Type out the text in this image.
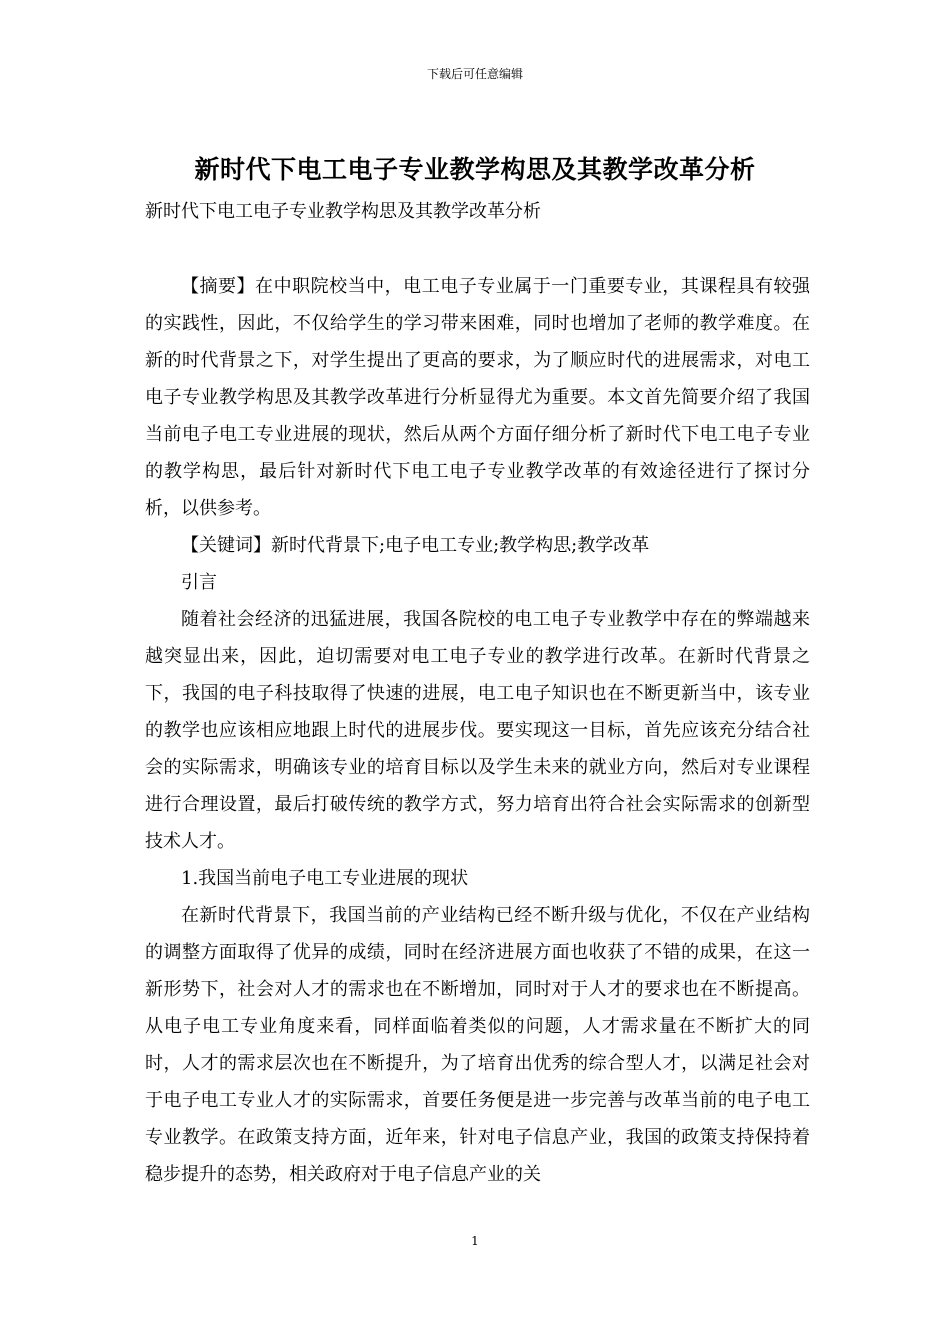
下载后可任意编辑
新时代下电工电子专业教学构思及其教学改革分析
新时代下电工电子专业教学构思及其教学改革分析

【摘要】在中职院校当中，电工电子专业属于一门重要专业，其课程具有较强的实践性，因此，不仅给学生的学习带来困难，同时也增加了老师的教学难度。在新的时代背景之下，对学生提出了更高的要求，为了顺应时代的进展需求，对电工电子专业教学构思及其教学改革进行分析显得尤为重要。本文首先简要介绍了我国当前电子电工专业进展的现状，然后从两个方面仔细分析了新时代下电工电子专业的教学构思，最后针对新时代下电工电子专业教学改革的有效途径进行了探讨分析，以供参考。

【关键词】新时代背景下;电子电工专业;教学构思;教学改革

引言

随着社会经济的迅猛进展，我国各院校的电工电子专业教学中存在的弊端越来越突显出来，因此，迫切需要对电工电子专业的教学进行改革。在新时代背景之下，我国的电子科技取得了快速的进展，电工电子知识也在不断更新当中，该专业的教学也应该相应地跟上时代的进展步伐。要实现这一目标，首先应该充分结合社会的实际需求，明确该专业的培育目标以及学生未来的就业方向，然后对专业课程进行合理设置，最后打破传统的教学方式，努力培育出符合社会实际需求的创新型技术人才。

1.我国当前电子电工专业进展的现状

在新时代背景下，我国当前的产业结构已经不断升级与优化，不仅在产业结构的调整方面取得了优异的成绩，同时在经济进展方面也收获了不错的成果，在这一新形势下，社会对人才的需求也在不断增加，同时对于人才的要求也在不断提高。从电子电工专业角度来看，同样面临着类似的问题，人才需求量在不断扩大的同时，人才的需求层次也在不断提升，为了培育出优秀的综合型人才，以满足社会对于电子电工专业人才的实际需求，首要任务便是进一步完善与改革当前的电子电工专业教学。在政策支持方面，近年来，针对电子信息产业，我国的政策支持保持着稳步提升的态势，相关政府对于电子信息产业的关

1
